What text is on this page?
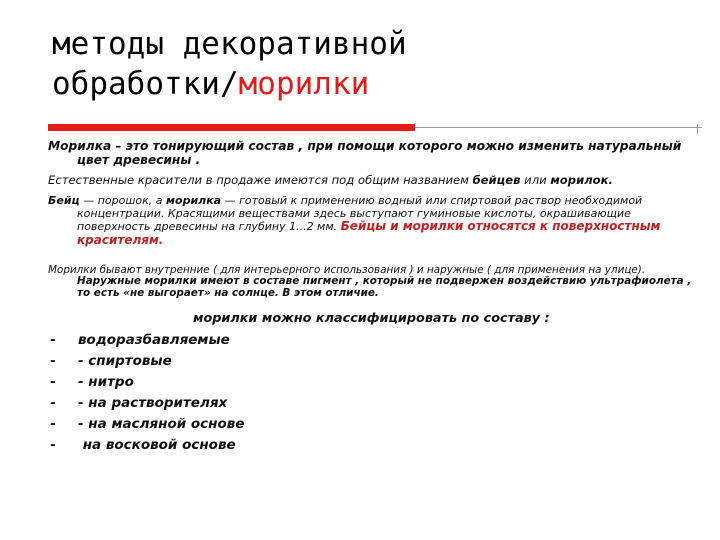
методы декоративной
обработки/морилки

Морилка – это тонирующий состав , при помощи которого можно изменить натуральный цвет древесины .

Естественные красители в продаже имеются под общим названием бейцев или морилок.

Бейц — порошок, а морилка — готовый к применению водный или спиртовой раствор необходимой концентрации. Красящими веществами здесь выступают гуминовые кислоты, окрашивающие поверхность древесины на глубину 1...2 мм. Бейцы и морилки относятся к поверхностным красителям.

Морилки бывают внутренние ( для интерьерного использования ) и наружные ( для применения на улице). Наружные морилки имеют в составе пигмент , который не подвержен воздействию ультрафиолета , то есть «не выгорает» на солнце. В этом отличие.

морилки можно классифицировать по составу :

- водоразбавляемые
- - спиртовые
- - нитро
- - на растворителях
- - на масляной основе
- на восковой основе
